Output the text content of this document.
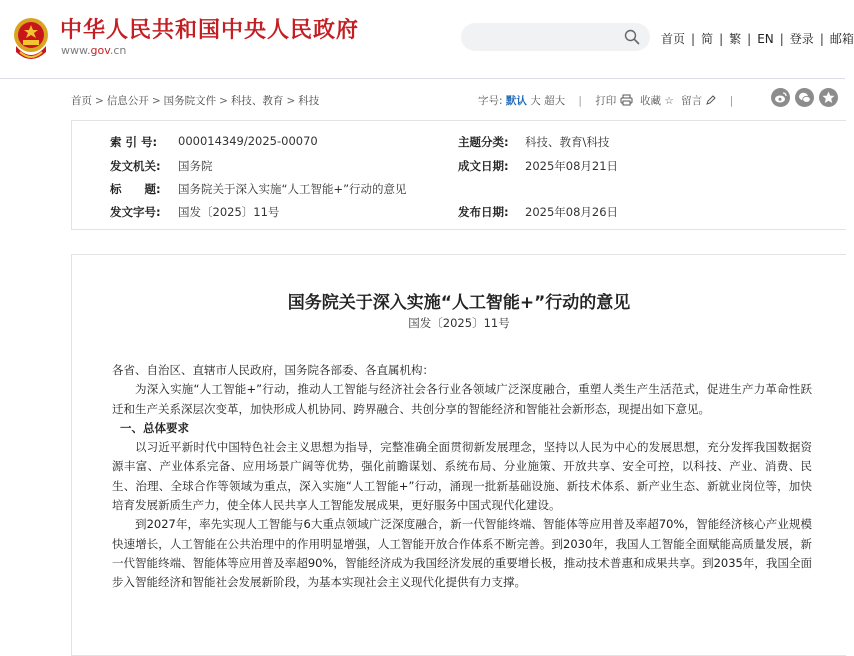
中华人民共和国中央人民政府
www.gov.cn
首页 | 简 | 繁 | EN | 登录 | 邮箱
首页 > 信息公开 > 国务院文件 > 科技、教育 > 科技	字号: 默认 大 超大 | 打印 收藏 ☆ 留言	|
索 引 号: 000014349/2025-00070	主题分类: 科技、教育\科技
发文机关: 国务院	成文日期: 2025年08月21日
标　　题: 国务院关于深入实施“人工智能+”行动的意见
发文字号: 国发〔2025〕11号	发布日期: 2025年08月26日
国务院关于深入实施“人工智能+”行动的意见
国发〔2025〕11号

各省、自治区、直辖市人民政府，国务院各部委、各直属机构：

为深入实施“人工智能+”行动，推动人工智能与经济社会各行业各领域广泛深度融合，重塑人类生产生活范式，促进生产力革命性跃迁和生产关系深层次变革，加快形成人机协同、跨界融合、共创分享的智能经济和智能社会新形态，现提出如下意见。

一、总体要求

以习近平新时代中国特色社会主义思想为指导，完整准确全面贯彻新发展理念，坚持以人民为中心的发展思想，充分发挥我国数据资源丰富、产业体系完备、应用场景广阔等优势，强化前瞻谋划、系统布局、分业施策、开放共享、安全可控，以科技、产业、消费、民生、治理、全球合作等领域为重点，深入实施“人工智能+”行动，涌现一批新基础设施、新技术体系、新产业生态、新就业岗位等，加快培育发展新质生产力，使全体人民共享人工智能发展成果，更好服务中国式现代化建设。

到2027年，率先实现人工智能与6大重点领域广泛深度融合，新一代智能终端、智能体等应用普及率超70%，智能经济核心产业规模快速增长，人工智能在公共治理中的作用明显增强，人工智能开放合作体系不断完善。到2030年，我国人工智能全面赋能高质量发展，新一代智能终端、智能体等应用普及率超90%，智能经济成为我国经济发展的重要增长极，推动技术普惠和成果共享。到2035年，我国全面步入智能经济和智能社会发展新阶段，为基本实现社会主义现代化提供有力支撑。
